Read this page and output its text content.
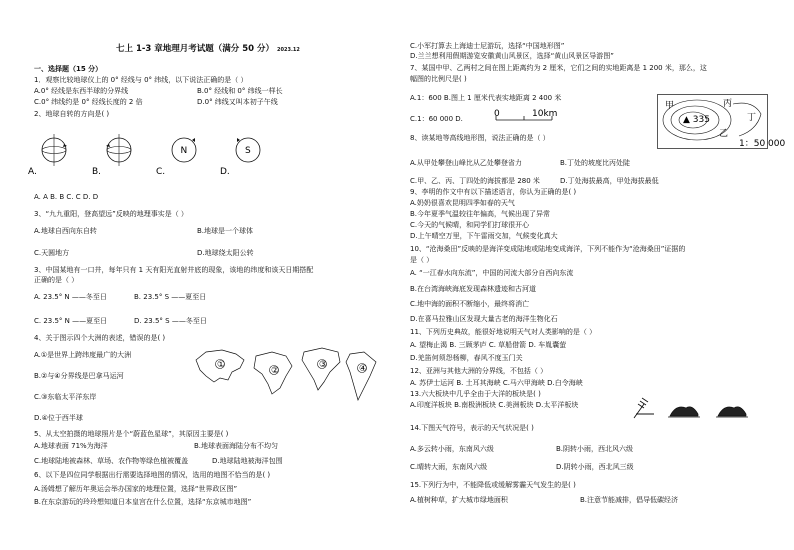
七上 1-3 章地理月考试题（满分 50 分） 2023.12
一、选择题（15 分）
1．观察比较地球仪上的 0° 经线与 0° 纬线，以下说法正确的是（ ）
A.0° 经线是东西半球的分界线	B.0° 经线和 0° 纬线一样长
C.0° 纬线约是 0° 经线长度的 2 倍	D.0° 纬线又叫本初子午线
2、地球自转的方向是( )
A.	B.
N
C.
S
D.
A. A B. B C. C D. D
3、“九九重阳，登高望远”反映的地理事实是（ ）
A.地球自西向东自转	B.地球是一个球体
C.天圆地方	D.地球绕太阳公转
3、中国某地有一口井，每年只有 1 天有阳光直射井底的现象，该地的纬度和该天日期搭配
正确的是（ ）
A. 23.5° N ——冬至日	B. 23.5° S ——夏至日
C. 23.5° N ——夏至日	D. 23.5° S ——冬至日
4、关于图示四个大洲的表述，错误的是( )
A.①是世界上跨纬度最广的大洲
B.②与④分界线是巴拿马运河
C.③东临太平洋东岸
D.④位于西半球
①
②
③	④
5、从太空拍摄的地球照片是个“蔚蓝色星球”，其原因主要是( )
A.地球表面 71%为海洋	B.地球表面海陆分布不均匀
C.地球陆地被森林、草场、农作物等绿色植被覆盖	D.地球陆地被海洋包围
6、以下是四位同学根据出行需要选择地图的情况，选用的地图不恰当的是( )
A.汤姆想了解历年奥运会举办国家的地理位置，选择“世界政区图”
B.在东京游玩的玲玲想知道日本皇宫在什么位置，选择“东京城市地图”
C.小军打算去上海迪士尼游玩，选择“中国地形图”
D.兰兰想利用假期游览安徽黄山风景区，选择“黄山风景区导游图”
7、某国中甲、乙两村之间在图上距离约为 2 厘米，它们之间的实地距离是 1 200 米，那么，这
幅图的比例尺是( )
A.1：600 B.图上 1 厘米代表实地距离 2 400 米
C.1：60 000 D.	0	10km
▲ 335
甲
乙
丙
丁
1：50 000
8、读某地等高线地形图，说法正确的是（ ）
A.从甲处攀登山峰比从乙处攀登省力	B.丁处的坡度比丙处陡
C.甲、乙、丙、丁四处的海拔都是 280 米	D.丁处海拔最高，甲处海拔最低
9、李明的作文中有以下描述语言，你认为正确的是( )
A.奶奶很喜欢昆明四季如春的天气
B.今年夏季气温较往年偏高，气候出现了异常
C.今天的气候晴，和同学们打球很开心
D.上午晴空万里，下午雷雨交加，气候变化真大
10、“沧海桑田”反映的是海洋变成陆地或陆地变成海洋，下列不能作为“沧海桑田”证据的
是（ ）
A. “一江春水向东流”，中国的河流大部分自西向东流
B.在台湾海峡海底发现森林遗迹和古河道
C.地中海的面积不断缩小，最终将消亡
D.在喜马拉雅山区发现大量古老的海洋生物化石
11、下列历史典故，能很好地说明天气对人类影响的是（ ）
A. 望梅止渴 B. 三顾茅庐 C. 草船借箭 D. 车胤囊萤
D.羌笛何须怨杨柳，春风不度玉门关
12、亚洲与其他大洲的分界线，不包括（ ）
A. 苏伊士运河 B. 土耳其海峡 C.马六甲海峡 D.白令海峡
13.六大板块中几乎全由于大洋的板块是( )
A.印度洋板块 B.南极洲板块 C.美洲板块 D.太平洋板块
14.下图天气符号，表示的天气状况是( )
A.多云转小雨，东南风六级	B.阴转小雨，西北风六级
C.晴转大雨，东南风六级	D.阴转小雨，西北风三级
15.下列行为中，不能降低或缓解雾霾天气发生的是( )
A.植树种草，扩大城市绿地面积	B.注意节能减排，倡导低碳经济
